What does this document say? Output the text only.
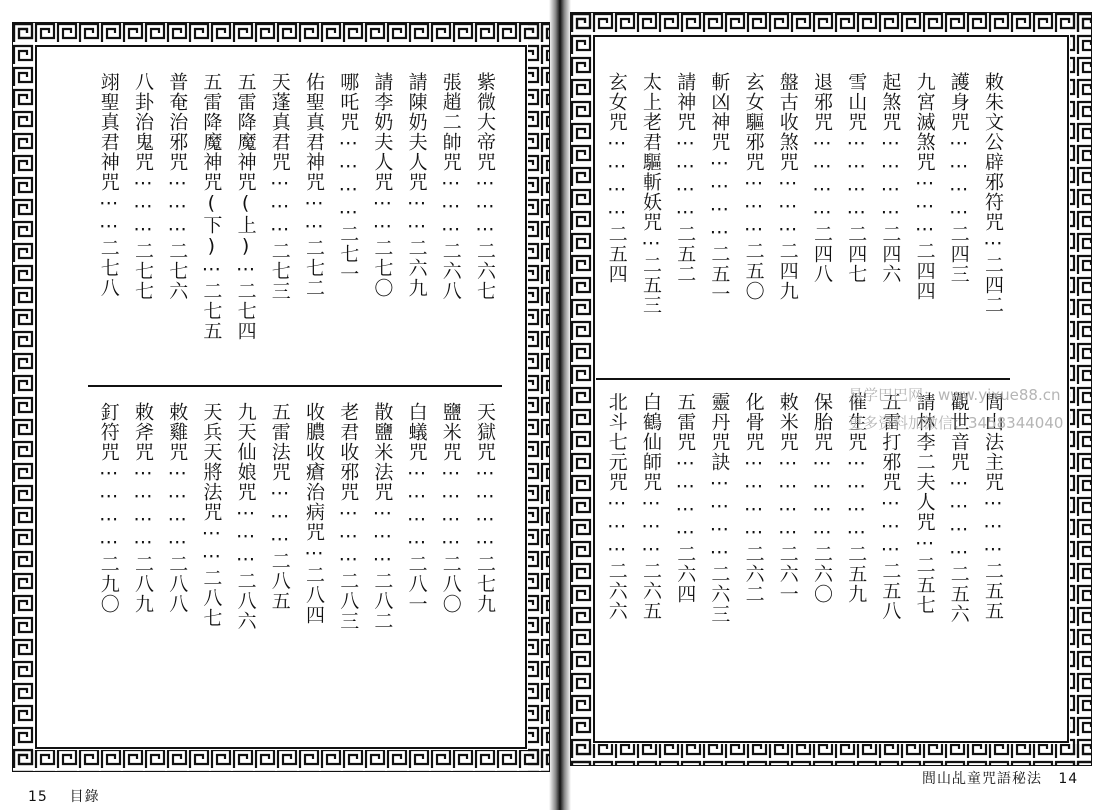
紫微大帝咒⋯⋯⋯二六七
張趙二帥咒⋯⋯⋯二六八
請陳奶夫人咒⋯⋯二六九
請李奶夫人咒⋯⋯二七〇
哪吒咒⋯⋯⋯⋯二七一
佑聖真君神咒⋯⋯二七二
天蓬真君咒⋯⋯⋯二七三
五雷降魔神咒(上)⋯二七四
五雷降魔神咒(下)⋯二七五
普奄治邪咒⋯⋯⋯二七六
八卦治鬼咒⋯⋯⋯二七七
翊聖真君神咒⋯⋯二七八
天獄咒⋯⋯⋯⋯二七九
鹽米咒⋯⋯⋯⋯二八〇
白蟻咒⋯⋯⋯⋯二八一
散鹽米法咒⋯⋯⋯二八二
老君收邪咒⋯⋯⋯二八三
收膿收瘡治病咒⋯二八四
五雷法咒⋯⋯⋯二八五
九天仙娘咒⋯⋯⋯二八六
天兵天將法咒⋯⋯二八七
敕雞咒⋯⋯⋯⋯二八八
敕斧咒⋯⋯⋯⋯二八九
釘符咒⋯⋯⋯⋯二九〇
敕朱文公辟邪符咒⋯二四二
護身咒⋯⋯⋯⋯二四三
九宮滅煞咒⋯⋯⋯二四四
起煞咒⋯⋯⋯⋯二四六
雪山咒⋯⋯⋯⋯二四七
退邪咒⋯⋯⋯⋯二四八
盤古收煞咒⋯⋯⋯二四九
玄女驅邪咒⋯⋯⋯二五〇
斬凶神咒⋯⋯⋯⋯二五一
請神咒⋯⋯⋯⋯二五二
太上老君驅斬妖咒⋯二五三
玄女咒⋯⋯⋯⋯二五四
閭山法主咒⋯⋯⋯二五五
觀世音咒⋯⋯⋯⋯二五六
請林李二夫人咒⋯二五七
五雷打邪咒⋯⋯⋯二五八
催生咒⋯⋯⋯⋯二五九
保胎咒⋯⋯⋯⋯二六〇
敕米咒⋯⋯⋯⋯二六一
化骨咒⋯⋯⋯⋯二六二
靈丹咒訣⋯⋯⋯⋯二六三
五雷咒⋯⋯⋯⋯二六四
白鶴仙師咒⋯⋯⋯二六五
北斗七元咒⋯⋯⋯二六六	易学巴巴网：www.yixue88.cn
更多资料加微信：3458344040
15 目錄
閭山乩童咒語秘法 14
